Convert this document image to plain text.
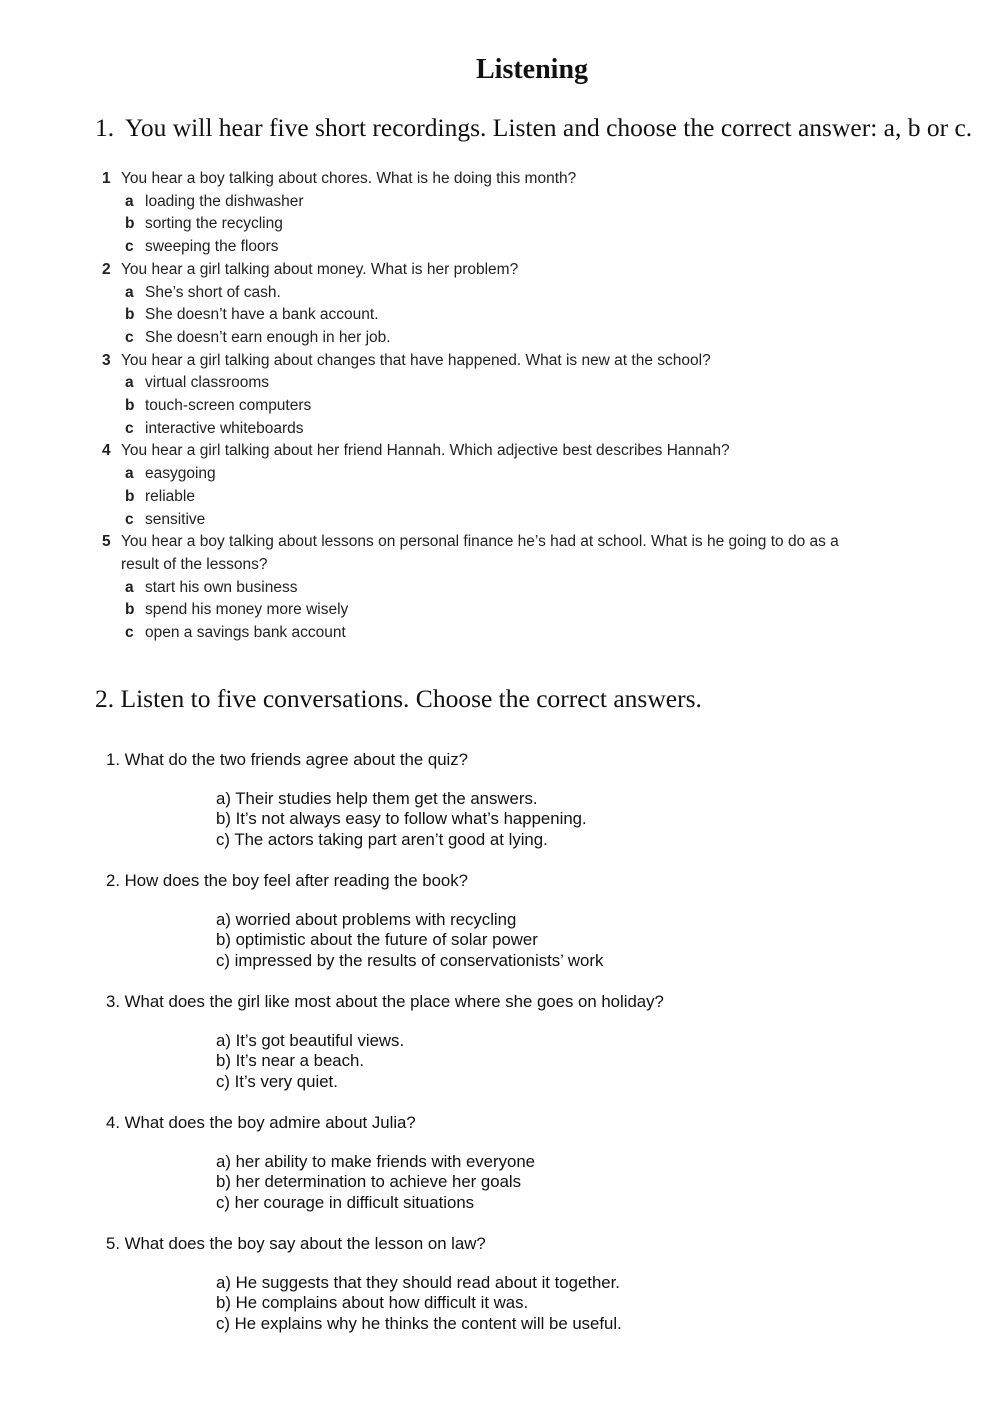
Listening
1. You will hear five short recordings. Listen and choose the correct answer: a, b or c.
1 You hear a boy talking about chores. What is he doing this month?
a loading the dishwasher
b sorting the recycling
c sweeping the floors
2 You hear a girl talking about money. What is her problem?
a She’s short of cash.
b She doesn’t have a bank account.
c She doesn’t earn enough in her job.
3 You hear a girl talking about changes that have happened. What is new at the school?
a virtual classrooms
b touch-screen computers
c interactive whiteboards
4 You hear a girl talking about her friend Hannah. Which adjective best describes Hannah?
a easygoing
b reliable
c sensitive
5 You hear a boy talking about lessons on personal finance he’s had at school. What is he going to do as a result of the lessons?
a start his own business
b spend his money more wisely
c open a savings bank account
2. Listen to five conversations. Choose the correct answers.
1. What do the two friends agree about the quiz?
a) Their studies help them get the answers.
b) It’s not always easy to follow what’s happening.
c) The actors taking part aren’t good at lying.
2. How does the boy feel after reading the book?
a) worried about problems with recycling
b) optimistic about the future of solar power
c) impressed by the results of conservationists’ work
3. What does the girl like most about the place where she goes on holiday?
a) It’s got beautiful views.
b) It’s near a beach.
c) It’s very quiet.
4. What does the boy admire about Julia?
a) her ability to make friends with everyone
b) her determination to achieve her goals
c) her courage in difficult situations
5. What does the boy say about the lesson on law?
a) He suggests that they should read about it together.
b) He complains about how difficult it was.
c) He explains why he thinks the content will be useful.
